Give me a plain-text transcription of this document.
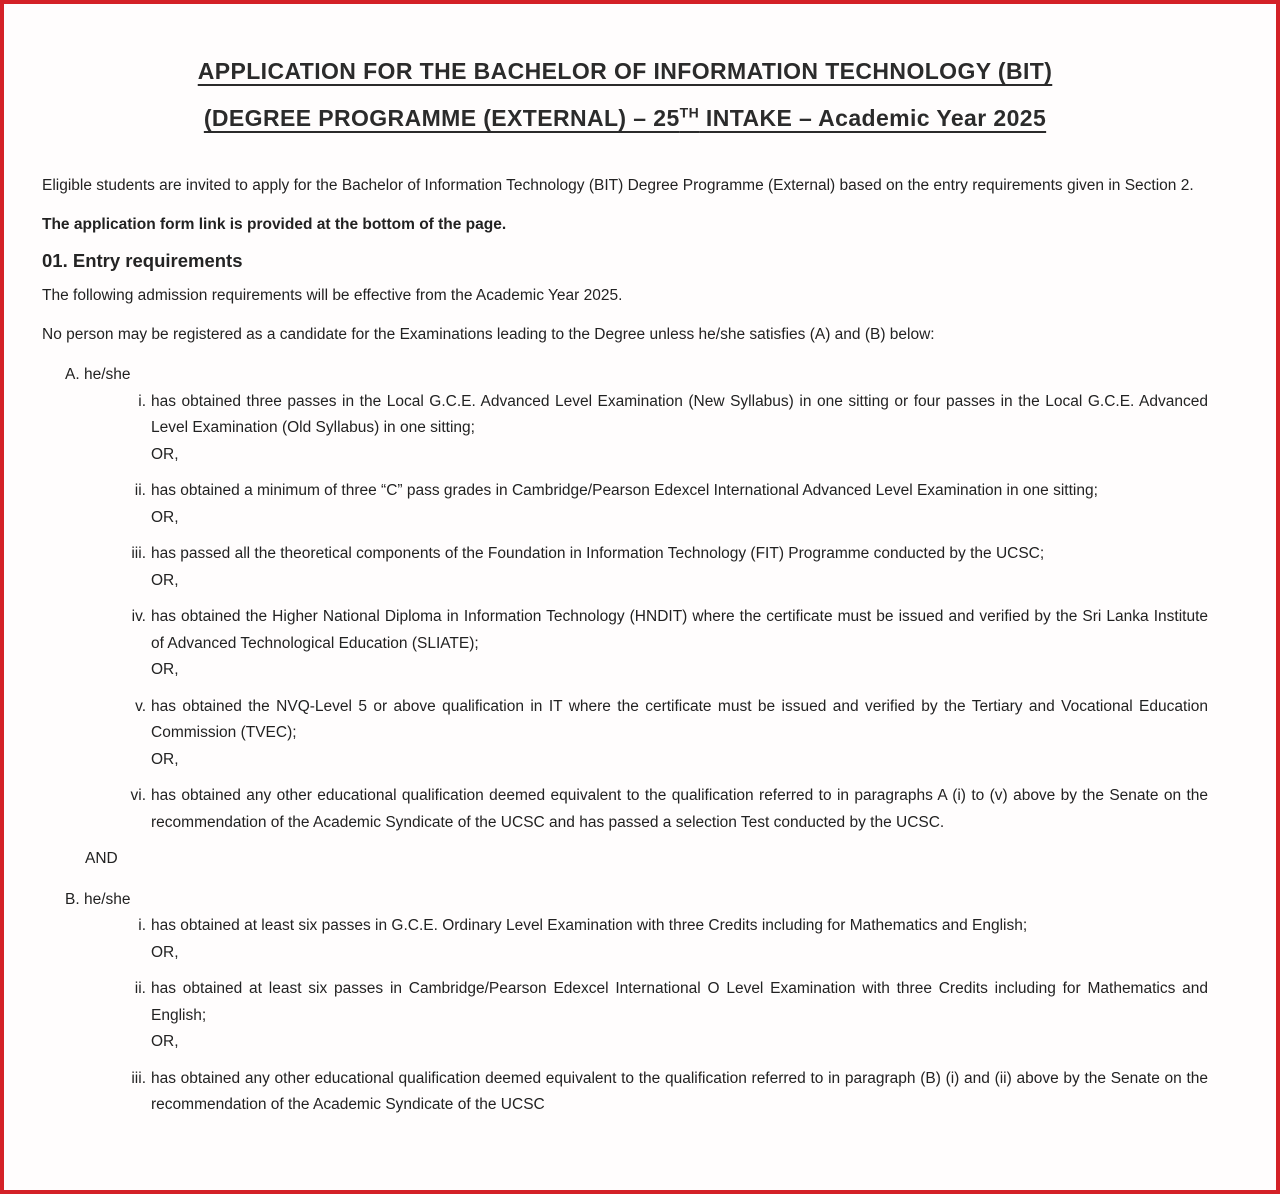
APPLICATION FOR THE BACHELOR OF INFORMATION TECHNOLOGY (BIT)
(DEGREE PROGRAMME (EXTERNAL) – 25TH INTAKE – Academic Year 2025

Eligible students are invited to apply for the Bachelor of Information Technology (BIT) Degree Programme (External) based on the entry requirements given in Section 2.

The application form link is provided at the bottom of the page.

01. Entry requirements

The following admission requirements will be effective from the Academic Year 2025.

No person may be registered as a candidate for the Examinations leading to the Degree unless he/she satisfies (A) and (B) below:

A. he/she
i. has obtained three passes in the Local G.C.E. Advanced Level Examination (New Syllabus) in one sitting or four passes in the Local G.C.E. Advanced Level Examination (Old Syllabus) in one sitting;
OR,
ii. has obtained a minimum of three “C” pass grades in Cambridge/Pearson Edexcel International Advanced Level Examination in one sitting;
OR,
iii. has passed all the theoretical components of the Foundation in Information Technology (FIT) Programme conducted by the UCSC;
OR,
iv. has obtained the Higher National Diploma in Information Technology (HNDIT) where the certificate must be issued and verified by the Sri Lanka Institute of Advanced Technological Education (SLIATE);
OR,
v. has obtained the NVQ-Level 5 or above qualification in IT where the certificate must be issued and verified by the Tertiary and Vocational Education Commission (TVEC);
OR,
vi. has obtained any other educational qualification deemed equivalent to the qualification referred to in paragraphs A (i) to (v) above by the Senate on the recommendation of the Academic Syndicate of the UCSC and has passed a selection Test conducted by the UCSC.
AND
B. he/she
i. has obtained at least six passes in G.C.E. Ordinary Level Examination with three Credits including for Mathematics and English;
OR,
ii. has obtained at least six passes in Cambridge/Pearson Edexcel International O Level Examination with three Credits including for Mathematics and English;
OR,
iii. has obtained any other educational qualification deemed equivalent to the qualification referred to in paragraph (B) (i) and (ii) above by the Senate on the recommendation of the Academic Syndicate of the UCSC
